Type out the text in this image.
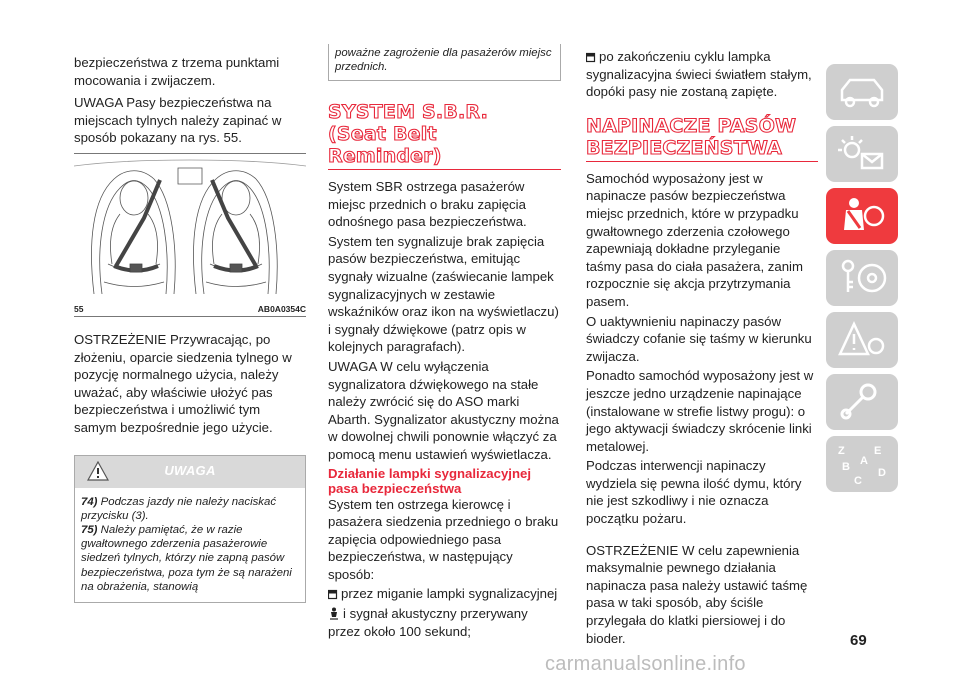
bezpieczeństwa z trzema punktami mocowania i zwijaczem.
UWAGA Pasy bezpieczeństwa na miejscach tylnych należy zapinać w sposób pokazany na rys. 55.
55	AB0A0354C
OSTRZEŻENIE Przywracając, po złożeniu, oparcie siedzenia tylnego w pozycję normalnego użycia, należy uważać, aby właściwie ułożyć pas bezpieczeństwa i umożliwić tym samym bezpośrednie jego użycie.
UWAGA
74) Podczas jazdy nie należy naciskać przycisku (3).
75) Należy pamiętać, że w razie gwałtownego zderzenia pasażerowie siedzeń tylnych, którzy nie zapną pasów bezpieczeństwa, poza tym że są narażeni na obrażenia, stanowią
poważne zagrożenie dla pasażerów miejsc przednich.
SYSTEM S.B.R.
(Seat Belt
Reminder)
System SBR ostrzega pasażerów miejsc przednich o braku zapięcia odnośnego pasa bezpieczeństwa.
System ten sygnalizuje brak zapięcia pasów bezpieczeństwa, emitując sygnały wizualne (zaświecanie lampek sygnalizacyjnych w zestawie wskaźników oraz ikon na wyświetlaczu) i sygnały dźwiękowe (patrz opis w kolejnych paragrafach).
UWAGA W celu wyłączenia sygnalizatora dźwiękowego na stałe należy zwrócić się do ASO marki Abarth. Sygnalizator akustyczny można w dowolnej chwili ponownie włączyć za pomocą menu ustawień wyświetlacza.
Działanie lampki sygnalizacyjnej pasa bezpieczeństwa
System ten ostrzega kierowcę i pasażera siedzenia przedniego o braku zapięcia odpowiedniego pasa bezpieczeństwa, w następujący sposób:
przez miganie lampki sygnalizacyjnej
i sygnał akustyczny przerywany przez około 100 sekund;
po zakończeniu cyklu lampka sygnalizacyjna świeci światłem stałym, dopóki pasy nie zostaną zapięte.
NAPINACZE PASÓW
BEZPIECZEŃSTWA
Samochód wyposażony jest w napinacze pasów bezpieczeństwa miejsc przednich, które w przypadku gwałtownego zderzenia czołowego zapewniają dokładne przyleganie taśmy pasa do ciała pasażera, zanim rozpocznie się akcja przytrzymania pasem.
O uaktywnieniu napinaczy pasów świadczy cofanie się taśmy w kierunku zwijacza.
Ponadto samochód wyposażony jest w jeszcze jedno urządzenie napinające (instalowane w strefie listwy progu): o jego aktywacji świadczy skrócenie linki metalowej.
Podczas interwencji napinaczy wydziela się pewna ilość dymu, który nie jest szkodliwy i nie oznacza początku pożaru.
OSTRZEŻENIE W celu zapewnienia maksymalnie pewnego działania napinacza pasa należy ustawić taśmę pasa w taki sposób, aby ściśle przylegała do klatki piersiowej i do bioder.
Z	E
B
C
D
A
69
carmanualsonline.info
